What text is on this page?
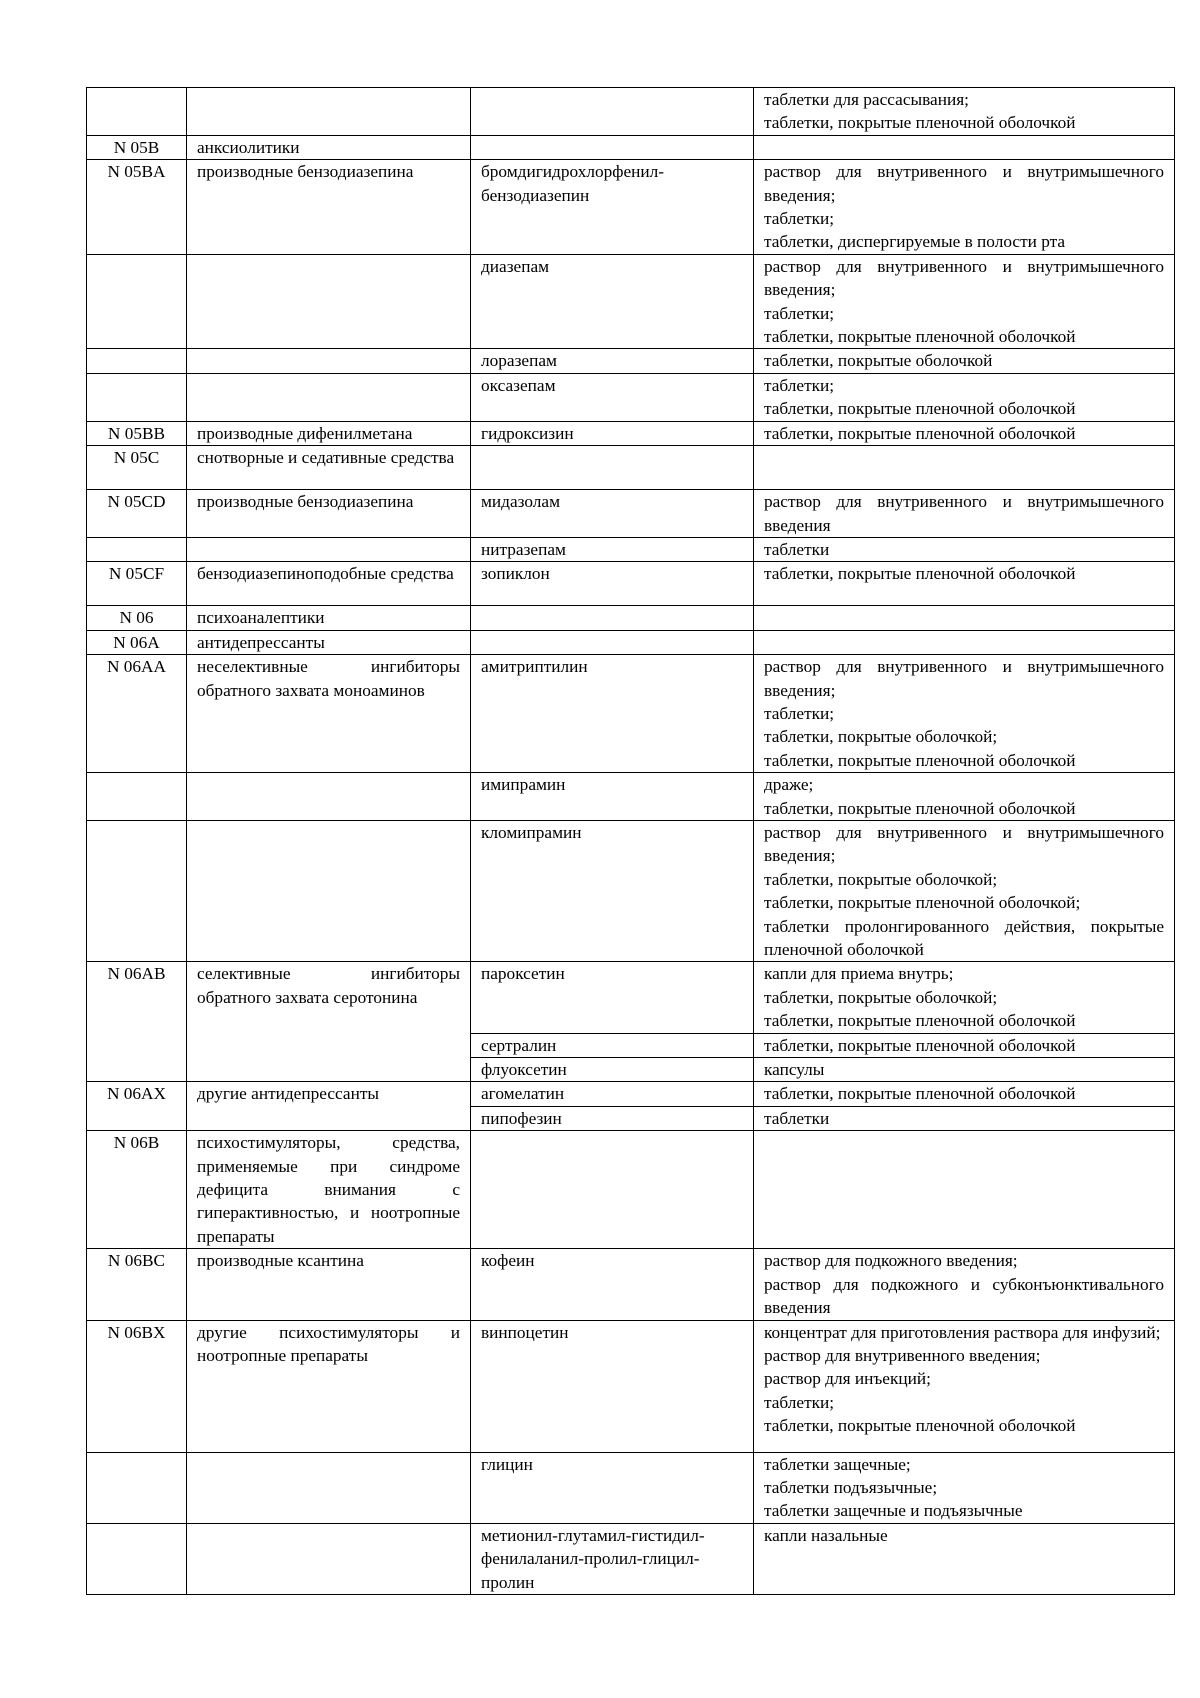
			таблетки для рассасывания;
таблетки, покрытые пленочной оболочкой

N 05B	анксиолитики		
N 05BA	производные бензодиазепина	бромдигидрохлорфенил-​бензодиазепин	раствор для внутривенного и внутримышечного введения;
таблетки;
таблетки, диспергируемые в полости рта

		диазепам	раствор для внутривенного и внутримышечного введения;
таблетки;
таблетки, покрытые пленочной оболочкой

		лоразепам	таблетки, покрытые оболочкой

		оксазепам	таблетки;
таблетки, покрытые пленочной оболочкой

N 05BB	производные дифенилметана	гидроксизин	таблетки, покрытые пленочной оболочкой

N 05C	снотворные и седативные средства		
N 05CD	производные бензодиазепина	мидазолам	раствор для внутривенного и внутримышечного введения

		нитразепам	таблетки

N 05CF	бензодиазепиноподобные средства	зопиклон	таблетки, покрытые пленочной оболочкой

N 06	психоаналептики		
N 06A	антидепрессанты		
N 06AA	неселективные ингибиторы обратного захвата моноаминов	амитриптилин	раствор для внутривенного и внутримышечного введения;
таблетки;
таблетки, покрытые оболочкой;
таблетки, покрытые пленочной оболочкой

		имипрамин	драже;
таблетки, покрытые пленочной оболочкой

		кломипрамин	раствор для внутривенного и внутримышечного введения;
таблетки, покрытые оболочкой;
таблетки, покрытые пленочной оболочкой;
таблетки пролонгированного действия, покрытые пленочной оболочкой

N 06AB	селективные ингибиторы обратного захвата серотонина	пароксетин	капли для приема внутрь;
таблетки, покрытые оболочкой;
таблетки, покрытые пленочной оболочкой

		сертралин	таблетки, покрытые пленочной оболочкой

		флуоксетин	капсулы

N 06AX	другие антидепрессанты	агомелатин	таблетки, покрытые пленочной оболочкой

		пипофезин	таблетки

N 06B	психостимуляторы, средства, применяемые при синдроме дефицита внимания с гиперактивностью, и ноотропные препараты		
N 06BC	производные ксантина	кофеин	раствор для подкожного введения;
раствор для подкожного и субконъюнктивального введения

N 06BX	другие психостимуляторы и ноотропные препараты	винпоцетин	концентрат для приготовления раствора для инфузий;
раствор для внутривенного введения;
раствор для инъекций;
таблетки;
таблетки, покрытые пленочной оболочкой

		глицин	таблетки защечные;
таблетки подъязычные;
таблетки защечные и подъязычные

		метионил-​глутамил-​гистидил-​фенилаланил-​пролил-​глицил-​пролин	капли назальные
